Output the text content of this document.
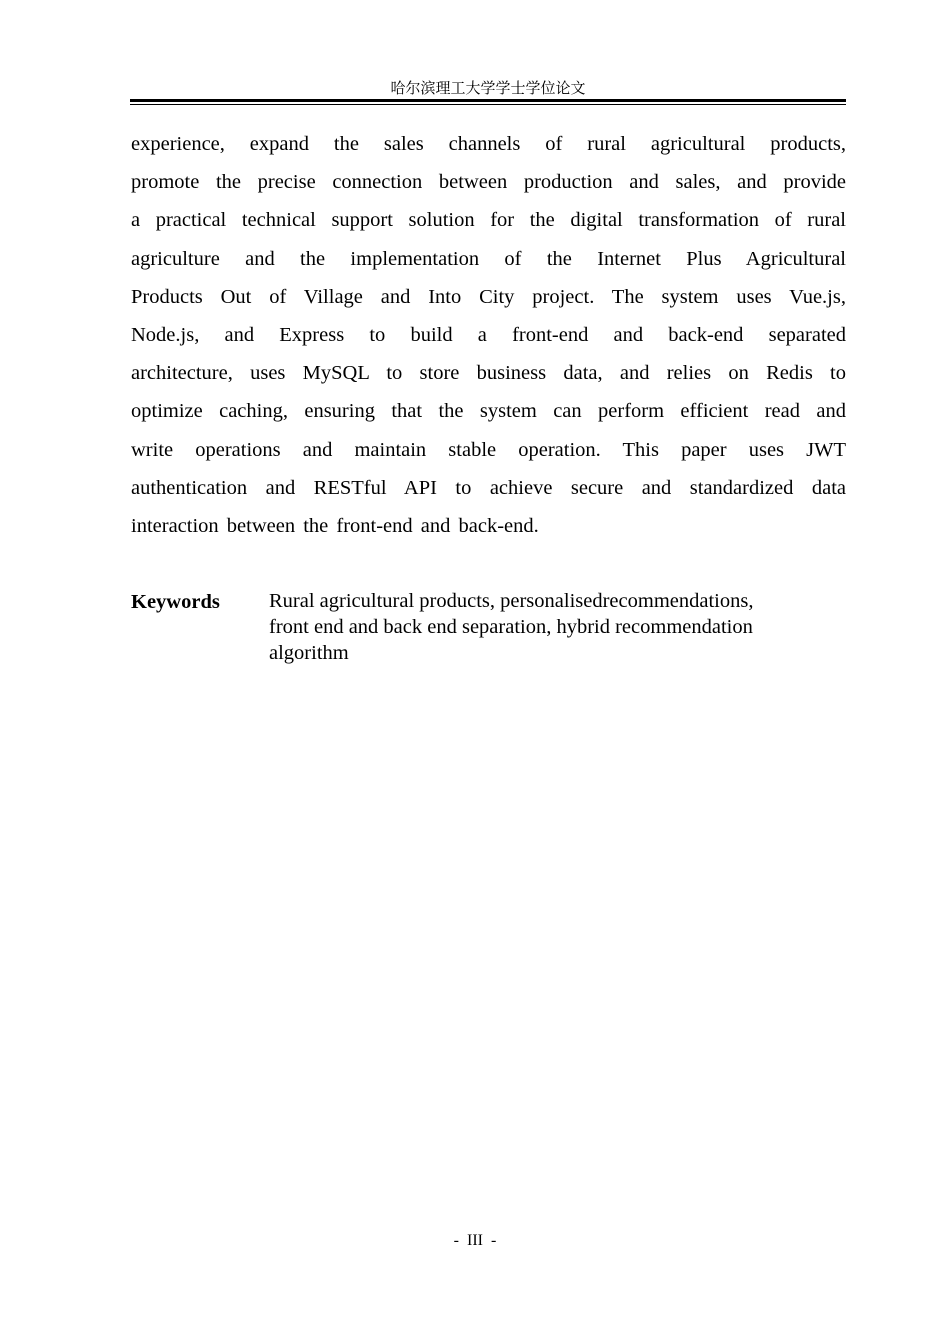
哈尔滨理工大学学士学位论文
experience, expand the sales channels of rural agricultural products,
promote the precise connection between production and sales, and provide
a practical technical support solution for the digital transformation of rural
agriculture and the implementation of the Internet Plus Agricultural
Products Out of Village and Into City project. The system uses Vue.js,
Node.js, and Express to build a front-end and back-end separated
architecture, uses MySQL to store business data, and relies on Redis to
optimize caching, ensuring that the system can perform efficient read and
write operations and maintain stable operation. This paper uses JWT
authentication and RESTful API to achieve secure and standardized data
interaction between the front-end and back-end.
Keywords Rural agricultural products, personalisedrecommendations,
front end and back end separation, hybrid recommendation
algorithm
- III -
